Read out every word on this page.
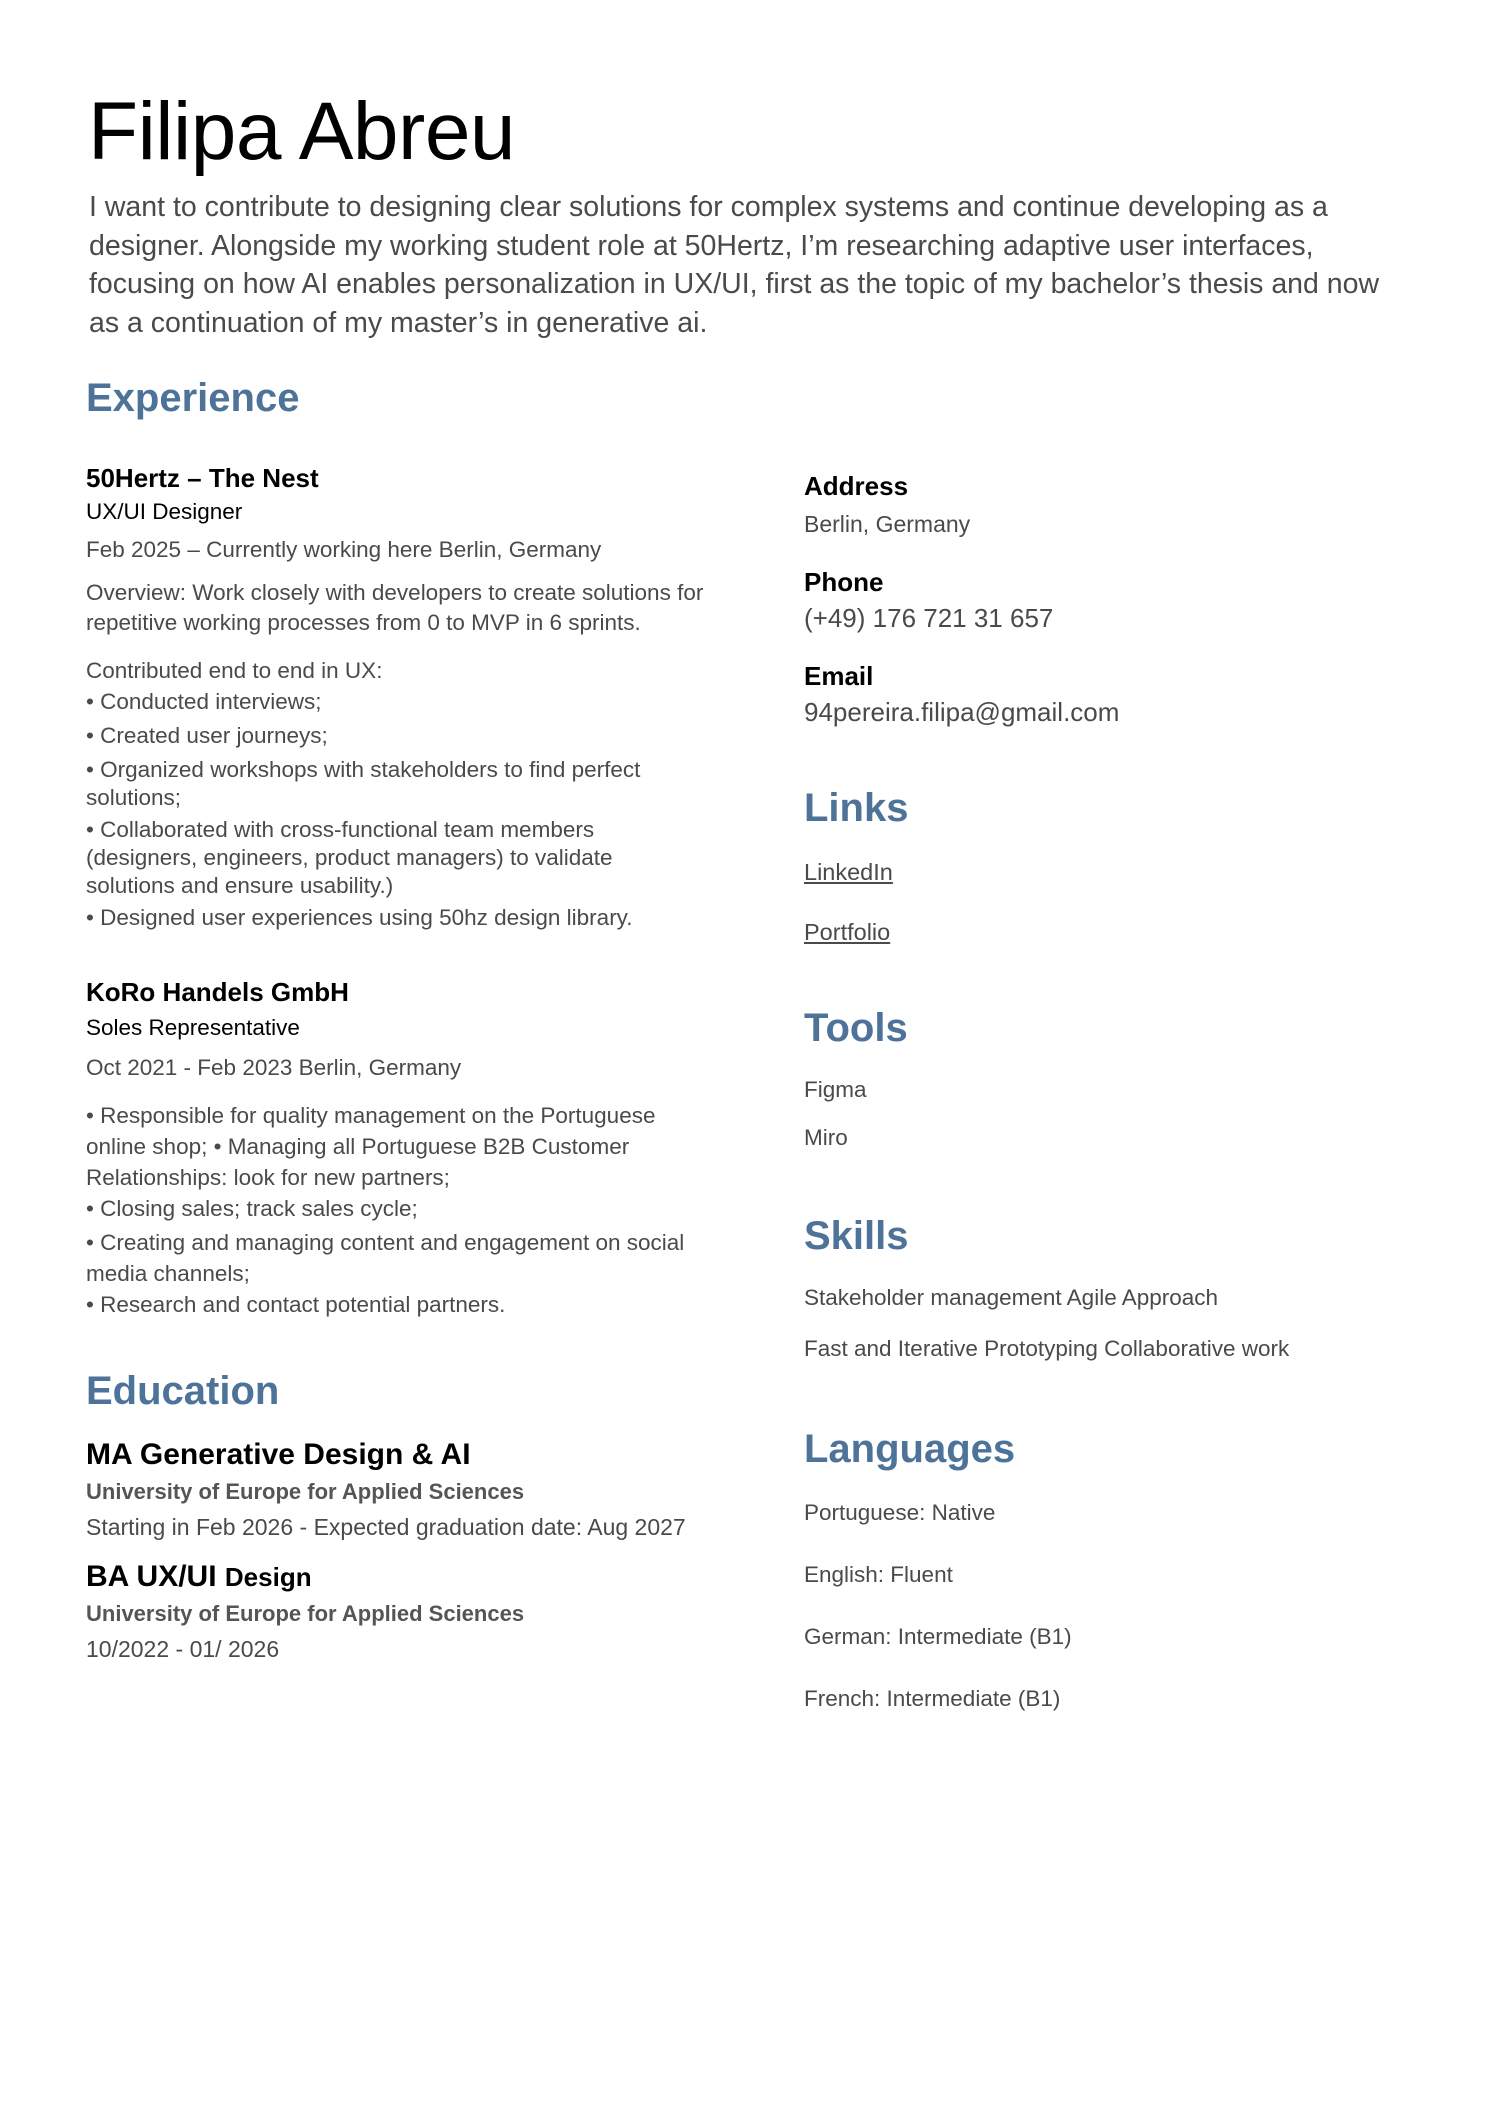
Filipa Abreu

I want to contribute to designing clear solutions for complex systems and continue developing as a designer. Alongside my working student role at 50Hertz, I’m researching adaptive user interfaces, focusing on how AI enables personalization in UX/UI, first as the topic of my bachelor’s thesis and now as a continuation of my master’s in generative ai.

Experience

50Hertz – The Nest

UX/UI Designer

Feb 2025 – Currently working here Berlin, Germany

Overview: Work closely with developers to create solutions for repetitive working processes from 0 to MVP in 6 sprints.

Contributed end to end in UX:

• Conducted interviews;

• Created user journeys;

• Organized workshops with stakeholders to find perfect solutions;

• Collaborated with cross-functional team members (designers, engineers, product managers) to validate solutions and ensure usability.)

• Designed user experiences using 50hz design library.

KoRo Handels GmbH

Soles Representative

Oct 2021 - Feb 2023 Berlin, Germany

• Responsible for quality management on the Portuguese online shop; • Managing all Portuguese B2B Customer Relationships: look for new partners;

• Closing sales; track sales cycle;

• Creating and managing content and engagement on social media channels;

• Research and contact potential partners.

Education

MA Generative Design & AI

University of Europe for Applied Sciences

Starting in Feb 2026 - Expected graduation date: Aug 2027

BA UX/UI Design

University of Europe for Applied Sciences

10/2022 - 01/ 2026

Address

Berlin, Germany

Phone

(+49) 176 721 31 657

Email

94pereira.filipa@gmail.com

Links
LinkedIn
Portfolio
Tools

Figma

Miro

Skills

Stakeholder management Agile Approach

Fast and Iterative Prototyping Collaborative work

Languages

Portuguese: Native

English: Fluent

German: Intermediate (B1)

French: Intermediate (B1)
